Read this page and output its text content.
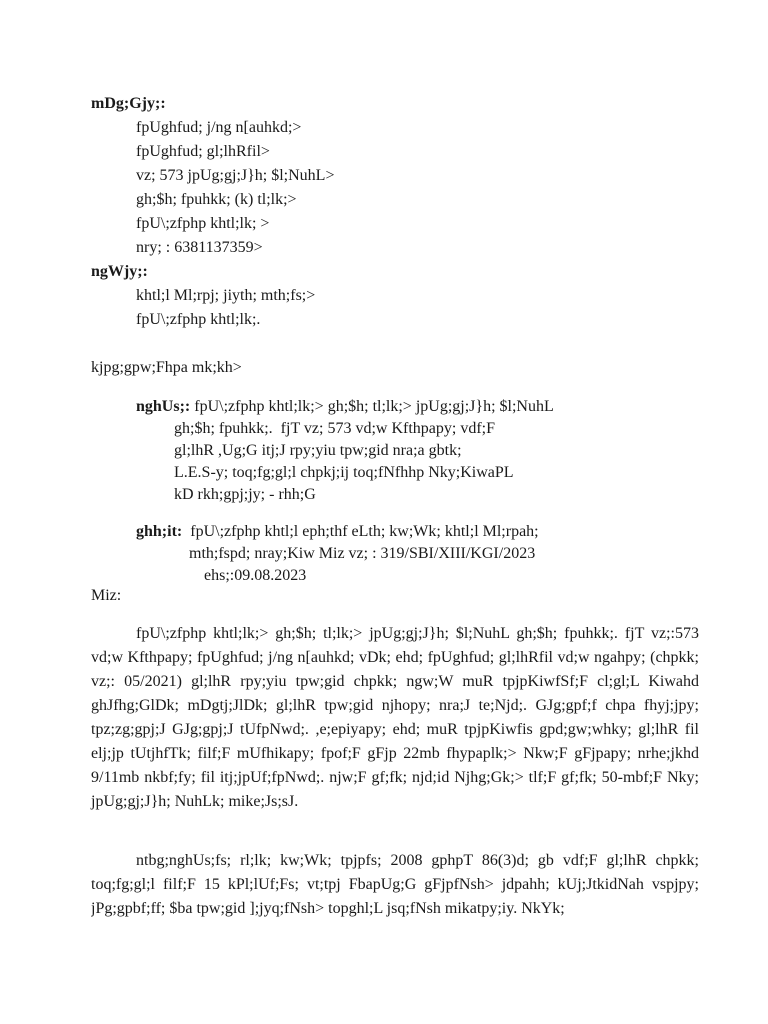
mDg;Gjy;:
fpUghfud; j/ng n[auhkd;>
fpUghfud; gl;lhRfil>
vz; 573 jpUg;gj;J}h; $l;NuhL>
gh;$h; fpuhkk; (k) tl;lk;>
fpU\;zfphp khtl;lk; >
nry; : 6381137359>
ngWjy;:
khtl;l Ml;rpj; jiyth; mth;fs;>
fpU\;zfphp khtl;lk;.
kjpg;gpw;Fhpa mk;kh>
nghUs;: fpU\;zfphp khtl;lk;> gh;$h; tl;lk;> jpUg;gj;J}h; $l;NuhL
gh;$h; fpuhkk;.  fjT vz; 573 vd;w Kfthpapy; vdf;F
gl;lhR ,Ug;G itj;J rpy;yiu tpw;gid nra;a gbtk;
L.E.S-y; toq;fg;gl;l chpkj;ij toq;fNfhhp Nky;KiwaPL
kD rkh;gpj;jy; - rhh;G
ghh;it: fpU\;zfphp khtl;l eph;thf eLth; kw;Wk; khtl;l Ml;rpah;
mth;fspd; nray;Kiw Miz vz; : 319/SBI/XIII/KGI/2023
ehs;:09.08.2023
Miz:

fpU\;zfphp khtl;lk;> gh;$h; tl;lk;> jpUg;gj;J}h; $l;NuhL gh;$h; fpuhkk;. fjT vz;:573 vd;w Kfthpapy; fpUghfud; j/ng n[auhkd; vDk; ehd; fpUghfud; gl;lhRfil vd;w ngahpy; (chpkk; vz;: 05/2021) gl;lhR rpy;yiu tpw;gid chpkk; ngw;W muR tpjpKiwfSf;F cl;gl;L Kiwahd ghJfhg;GlDk; mDgtj;JlDk; gl;lhR tpw;gid njhopy; nra;J te;Njd;. GJg;gpf;f chpa fhyj;jpy; tpz;zg;gpj;J GJg;gpj;J tUfpNwd;. ,e;epiyapy; ehd; muR tpjpKiwfis gpd;gw;whky; gl;lhR fil elj;jp tUtjhfTk; filf;F mUfhikapy; fpof;F gFjp 22mb fhypaplk;> Nkw;F gFjpapy; nrhe;jkhd 9/11mb nkbf;fy; fil itj;jpUf;fpNwd;. njw;F gf;fk; njd;id Njhg;Gk;> tlf;F gf;fk; 50-mbf;F Nky; jpUg;gj;J}h; NuhLk; mike;Js;sJ.

ntbg;nghUs;fs; rl;lk; kw;Wk; tpjpfs; 2008 gphpT 86(3)d; gb vdf;F gl;lhR chpkk; toq;fg;gl;l filf;F 15 kPl;lUf;Fs; vt;tpj FbapUg;G gFjpfNsh> jdpahh; kUj;JtkidNah vspjpy; jPg;gpbf;ff; $ba tpw;gid ];jyq;fNsh> topghl;L jsq;fNsh mikatpy;iy. NkYk;
